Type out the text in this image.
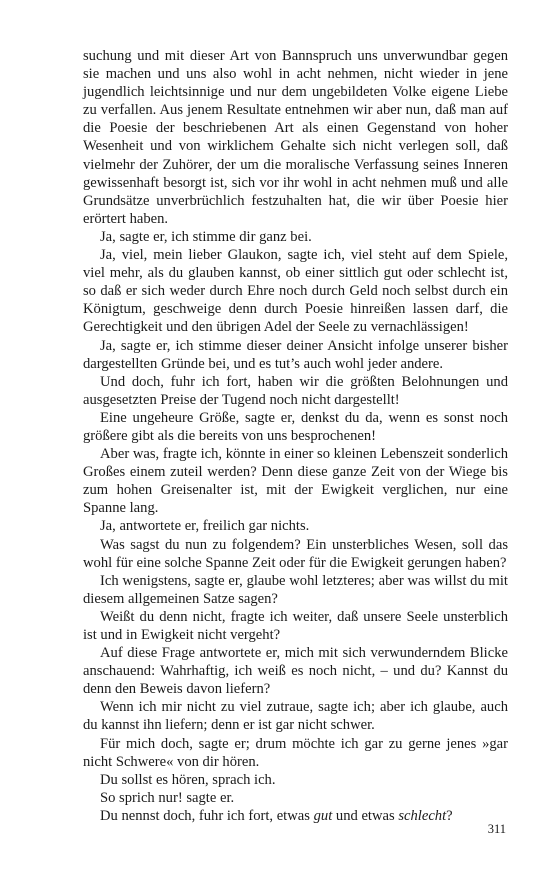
suchung und mit dieser Art von Bannspruch uns unverwundbar gegen sie machen und uns also wohl in acht nehmen, nicht wieder in jene jugendlich leichtsinnige und nur dem ungebildeten Volke eigene Liebe zu verfallen. Aus jenem Resultate entnehmen wir aber nun, daß man auf die Poesie der beschriebenen Art als einen Gegenstand von hoher Wesenheit und von wirklichem Gehalte sich nicht verlegen soll, daß vielmehr der Zuhörer, der um die moralische Verfassung seines Inneren gewissenhaft besorgt ist, sich vor ihr wohl in acht nehmen muß und alle Grundsätze unverbrüchlich festzuhalten hat, die wir über Poesie hier erörtert haben.

Ja, sagte er, ich stimme dir ganz bei.

Ja, viel, mein lieber Glaukon, sagte ich, viel steht auf dem Spiele, viel mehr, als du glauben kannst, ob einer sittlich gut oder schlecht ist, so daß er sich weder durch Ehre noch durch Geld noch selbst durch ein Königtum, geschweige denn durch Poesie hinreißen lassen darf, die Gerechtigkeit und den übrigen Adel der Seele zu vernachlässigen!

Ja, sagte er, ich stimme dieser deiner Ansicht infolge unserer bisher dargestellten Gründe bei, und es tut’s auch wohl jeder andere.

Und doch, fuhr ich fort, haben wir die größten Belohnungen und ausgesetzten Preise der Tugend noch nicht dargestellt!

Eine ungeheure Größe, sagte er, denkst du da, wenn es sonst noch größere gibt als die bereits von uns besprochenen!

Aber was, fragte ich, könnte in einer so kleinen Lebenszeit sonderlich Großes einem zuteil werden? Denn diese ganze Zeit von der Wiege bis zum hohen Greisenalter ist, mit der Ewigkeit verglichen, nur eine Spanne lang.

Ja, antwortete er, freilich gar nichts.

Was sagst du nun zu folgendem? Ein unsterbliches Wesen, soll das wohl für eine solche Spanne Zeit oder für die Ewigkeit gerungen haben?

Ich wenigstens, sagte er, glaube wohl letzteres; aber was willst du mit diesem allgemeinen Satze sagen?

Weißt du denn nicht, fragte ich weiter, daß unsere Seele unsterblich ist und in Ewigkeit nicht vergeht?

Auf diese Frage antwortete er, mich mit sich verwunderndem Blicke anschauend: Wahrhaftig, ich weiß es noch nicht, – und du? Kannst du denn den Beweis davon liefern?

Wenn ich mir nicht zu viel zutraue, sagte ich; aber ich glaube, auch du kannst ihn liefern; denn er ist gar nicht schwer.

Für mich doch, sagte er; drum möchte ich gar zu gerne jenes »gar nicht Schwere« von dir hören.

Du sollst es hören, sprach ich.

So sprich nur! sagte er.

Du nennst doch, fuhr ich fort, etwas gut und etwas schlecht?

311
